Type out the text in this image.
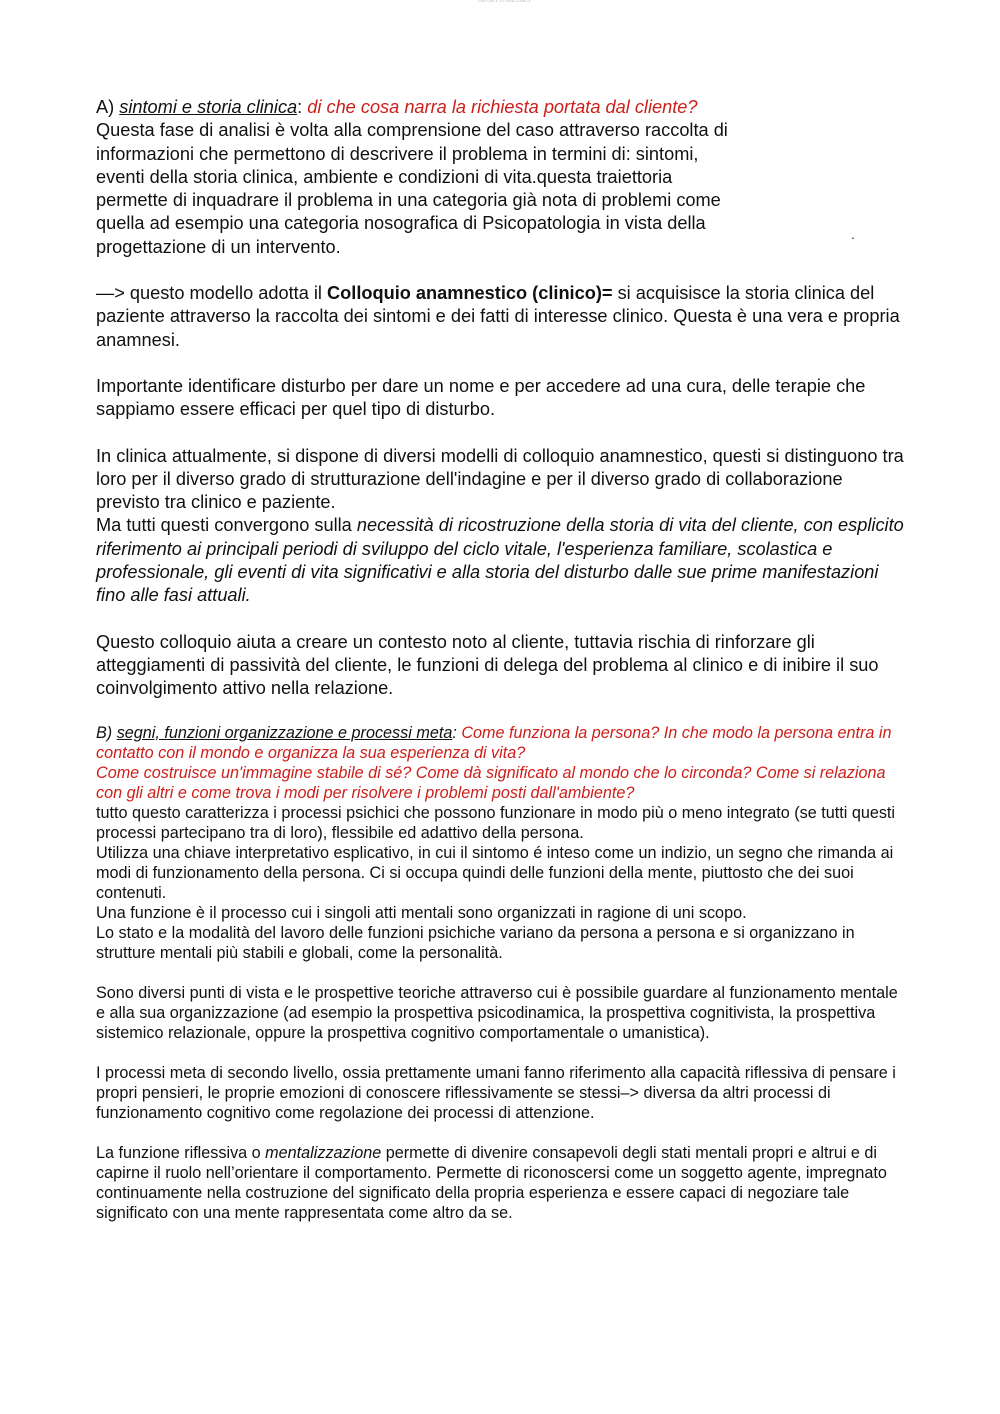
SINTOMI E STORIA CLINICA
.

A) sintomi e storia clinica: di che cosa narra la richiesta portata dal cliente?

Questa fase di analisi è volta alla comprensione del caso attraverso raccolta di informazioni che permettono di descrivere il problema in termini di: sintomi, eventi della storia clinica, ambiente e condizioni di vita.questa traiettoria permette di inquadrare il problema in una categoria già nota di problemi come quella ad esempio una categoria nosografica di Psicopatologia in vista della progettazione di un intervento.

—> questo modello adotta il Colloquio anamnestico (clinico)= si acquisisce la storia clinica del paziente attraverso la raccolta dei sintomi e dei fatti di interesse clinico. Questa è una vera e propria anamnesi.

Importante identificare disturbo per dare un nome e per accedere ad una cura, delle terapie che sappiamo essere efficaci per quel tipo di disturbo.

In clinica attualmente, si dispone di diversi modelli di colloquio anamnestico, questi si distinguono tra loro per il diverso grado di strutturazione dell'indagine e per il diverso grado di collaborazione previsto tra clinico e paziente.

Ma tutti questi convergono sulla necessità di ricostruzione della storia di vita del cliente, con esplicito riferimento ai principali periodi di sviluppo del ciclo vitale, l'esperienza familiare, scolastica e professionale, gli eventi di vita significativi e alla storia del disturbo dalle sue prime manifestazioni fino alle fasi attuali.

Questo colloquio aiuta a creare un contesto noto al cliente, tuttavia rischia di rinforzare gli atteggiamenti di passività del cliente, le funzioni di delega del problema al clinico e di inibire il suo coinvolgimento attivo nella relazione.

B) segni, funzioni organizzazione e processi meta: Come funziona la persona? In che modo la persona entra in contatto con il mondo e organizza la sua esperienza di vita?

Come costruisce un'immagine stabile di sé? Come dà significato al mondo che lo circonda? Come si relaziona con gli altri e come trova i modi per risolvere i problemi posti dall'ambiente?

tutto questo caratterizza i processi psichici che possono funzionare in modo più o meno integrato (se tutti questi processi partecipano tra di loro), flessibile ed adattivo della persona.

Utilizza una chiave interpretativo esplicativo, in cui il sintomo é inteso come un indizio, un segno che rimanda ai modi di funzionamento della persona. Ci si occupa quindi delle funzioni della mente, piuttosto che dei suoi contenuti.

Una funzione è il processo cui i singoli atti mentali sono organizzati in ragione di uni scopo.

Lo stato e la modalità del lavoro delle funzioni psichiche variano da persona a persona e si organizzano in strutture mentali più stabili e globali, come la personalità.

Sono diversi punti di vista e le prospettive teoriche attraverso cui è possibile guardare al funzionamento mentale e alla sua organizzazione (ad esempio la prospettiva psicodinamica, la prospettiva cognitivista, la prospettiva sistemico relazionale, oppure la prospettiva cognitivo comportamentale o umanistica).

I processi meta di secondo livello, ossia prettamente umani fanno riferimento alla capacità riflessiva di pensare i propri pensieri, le proprie emozioni di conoscere riflessivamente se stessi–> diversa da altri processi di funzionamento cognitivo come regolazione dei processi di attenzione.

La funzione riflessiva o mentalizzazione permette di divenire consapevoli degli stati mentali propri e altrui e di capirne il ruolo nell’orientare il comportamento. Permette di riconoscersi come un soggetto agente, impregnato continuamente nella costruzione del significato della propria esperienza e essere capaci di negoziare tale significato con una mente rappresentata come altro da se.
